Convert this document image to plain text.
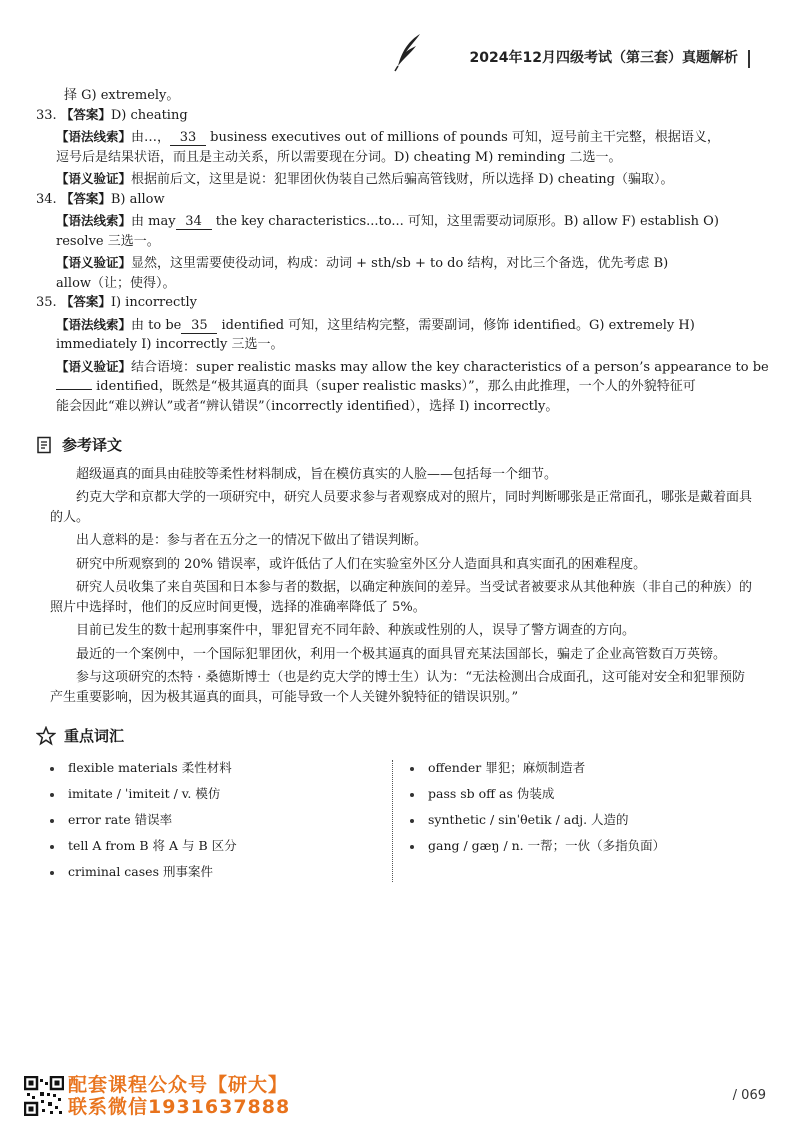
2024年12月四级考试（第三套）真题解析

择 G) extremely。

33. 【答案】D) cheating

【语法线索】由…， 33 business executives out of millions of pounds 可知，逗号前主干完整，根据语义，

逗号后是结果状语，而且是主动关系，所以需要现在分词。D) cheating M) reminding 二选一。

【语义验证】根据前后文，这里是说：犯罪团伙伪装自己然后骗高管钱财，所以选择 D) cheating（骗取）。

34. 【答案】B) allow

【语法线索】由 may 34 the key characteristics...to... 可知，这里需要动词原形。B) allow F) establish O)

resolve 三选一。

【语义验证】显然，这里需要使役动词，构成：动词 + sth/sb + to do 结构，对比三个备选，优先考虑 B)

allow（让；使得）。

35. 【答案】I) incorrectly

【语法线索】由 to be 35 identified 可知，这里结构完整，需要副词，修饰 identified。G) extremely H)

immediately I) incorrectly 三选一。

【语义验证】结合语境：super realistic masks may allow the key characteristics of a person’s appearance to be

identified，既然是“极其逼真的面具（super realistic masks）”，那么由此推理，一个人的外貌特征可

能会因此“难以辨认”或者“辨认错误”（incorrectly identified），选择 I) incorrectly。

参考译文

超级逼真的面具由硅胶等柔性材料制成，旨在模仿真实的人脸——包括每一个细节。

约克大学和京都大学的一项研究中，研究人员要求参与者观察成对的照片，同时判断哪张是正常面孔，哪张是戴着面具的人。

出人意料的是：参与者在五分之一的情况下做出了错误判断。

研究中所观察到的 20% 错误率，或许低估了人们在实验室外区分人造面具和真实面孔的困难程度。

研究人员收集了来自英国和日本参与者的数据，以确定种族间的差异。当受试者被要求从其他种族（非自己的种族）的照片中选择时，他们的反应时间更慢，选择的准确率降低了 5%。

目前已发生的数十起刑事案件中，罪犯冒充不同年龄、种族或性别的人，误导了警方调查的方向。

最近的一个案例中，一个国际犯罪团伙，利用一个极其逼真的面具冒充某法国部长，骗走了企业高管数百万英镑。

参与这项研究的杰特 · 桑德斯博士（也是约克大学的博士生）认为：“无法检测出合成面孔，这可能对安全和犯罪预防产生重要影响，因为极其逼真的面具，可能导致一个人关键外貌特征的错误识别。”

重点词汇
flexible materials 柔性材料
imitate / ˈimiteit / v. 模仿
error rate 错误率
tell A from B 将 A 与 B 区分
criminal cases 刑事案件
offender 罪犯；麻烦制造者
pass sb off as 伪装成
synthetic / sinˈθetik / adj. 人造的
gang / gæŋ / n. 一帮；一伙（多指负面）
配套课程公众号【研大】
联系微信1931637888
/ 069
